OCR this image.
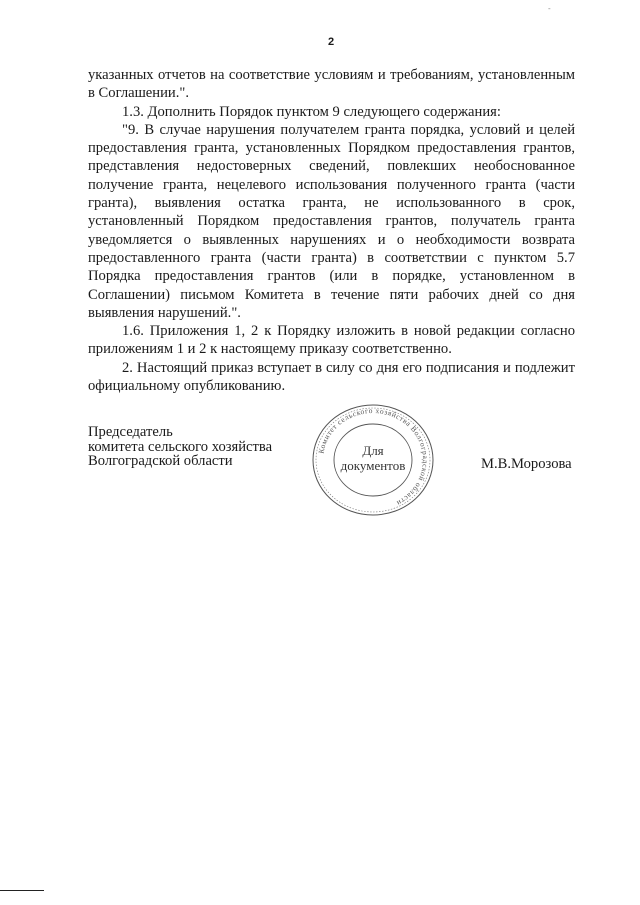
-
2

указанных отчетов на соответствие условиям и требованиям, установленным в Соглашении.".

1.3. Дополнить Порядок пунктом 9 следующего содержания:

"9. В случае нарушения получателем гранта порядка, условий и целей предоставления гранта, установленных Порядком предоставления грантов, представления недостоверных сведений, повлекших необоснованное получение гранта, нецелевого использования полученного гранта (части гранта), выявления остатка гранта, не использованного в срок, установленный Порядком предоставления грантов, получатель гранта уведомляется о выявленных нарушениях и о необходимости возврата предоставленного гранта (части гранта) в соответствии с пунктом 5.7 Порядка предоставления грантов (или в порядке, установленном в Соглашении) письмом Комитета в течение пяти рабочих дней со дня выявления нарушений.".

1.6. Приложения 1, 2 к Порядку изложить в новой редакции согласно приложениям 1 и 2 к настоящему приказу соответственно.

2. Настоящий приказ вступает в силу со дня его подписания и подлежит официальному опубликованию.

Председатель
комитета сельского хозяйства
Волгоградской области
Комитет сельского хозяйства Волгоградской области
Для
документов	М.В.Морозова
